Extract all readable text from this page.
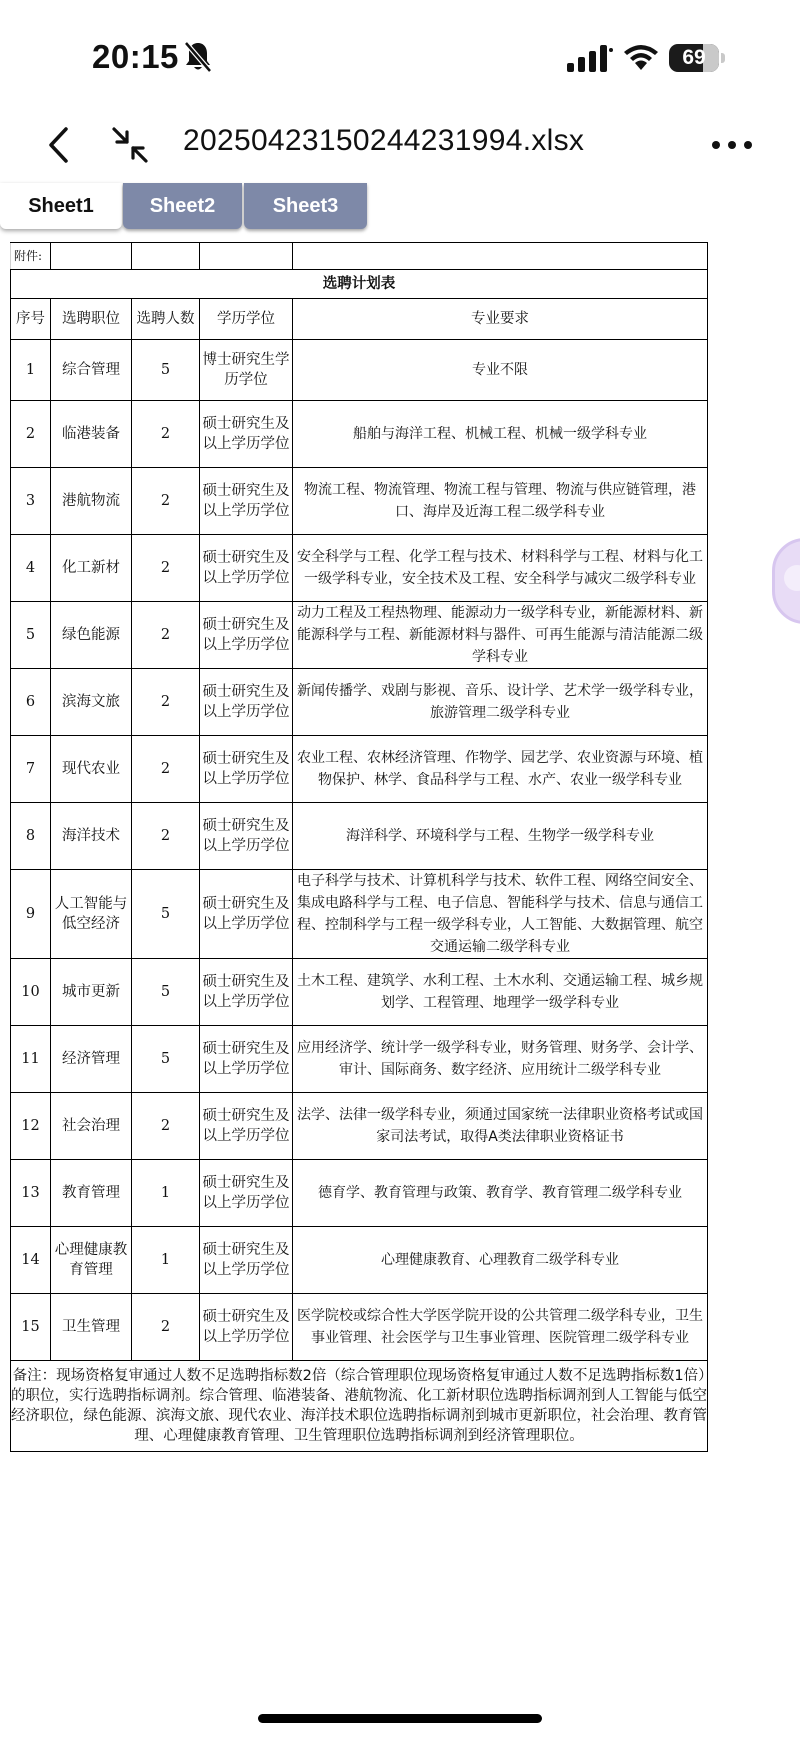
20:15	69
20250423150244231994.xlsx
Sheet1	Sheet2	Sheet3
附件:				
选聘计划表				
序号	选聘职位	选聘人数	学历学位	专业要求
1	综合管理	5	博士研究生学历学位	专业不限
2	临港装备	2	硕士研究生及以上学历学位	船舶与海洋工程、机械工程、机械一级学科专业
3	港航物流	2	硕士研究生及以上学历学位	物流工程、物流管理、物流工程与管理、物流与供应链管理，港口、海岸及近海工程二级学科专业
4	化工新材	2	硕士研究生及以上学历学位	安全科学与工程、化学工程与技术、材料科学与工程、材料与化工一级学科专业，安全技术及工程、安全科学与减灾二级学科专业
5	绿色能源	2	硕士研究生及以上学历学位	动力工程及工程热物理、能源动力一级学科专业，新能源材料、新能源科学与工程、新能源材料与器件、可再生能源与清洁能源二级学科专业
6	滨海文旅	2	硕士研究生及以上学历学位	新闻传播学、戏剧与影视、音乐、设计学、艺术学一级学科专业，旅游管理二级学科专业
7	现代农业	2	硕士研究生及以上学历学位	农业工程、农林经济管理、作物学、园艺学、农业资源与环境、植物保护、林学、食品科学与工程、水产、农业一级学科专业
8	海洋技术	2	硕士研究生及以上学历学位	海洋科学、环境科学与工程、生物学一级学科专业
9	人工智能与低空经济	5	硕士研究生及以上学历学位	电子科学与技术、计算机科学与技术、软件工程、网络空间安全、集成电路科学与工程、电子信息、智能科学与技术、信息与通信工程、控制科学与工程一级学科专业，人工智能、大数据管理、航空交通运输二级学科专业
10	城市更新	5	硕士研究生及以上学历学位	土木工程、建筑学、水利工程、土木水利、交通运输工程、城乡规划学、工程管理、地理学一级学科专业
11	经济管理	5	硕士研究生及以上学历学位	应用经济学、统计学一级学科专业，财务管理、财务学、会计学、审计、国际商务、数字经济、应用统计二级学科专业
12	社会治理	2	硕士研究生及以上学历学位	法学、法律一级学科专业，须通过国家统一法律职业资格考试或国家司法考试，取得A类法律职业资格证书
13	教育管理	1	硕士研究生及以上学历学位	德育学、教育管理与政策、教育学、教育管理二级学科专业
14	心理健康教育管理	1	硕士研究生及以上学历学位	心理健康教育、心理教育二级学科专业
15	卫生管理	2	硕士研究生及以上学历学位	医学院校或综合性大学医学院开设的公共管理二级学科专业，卫生事业管理、社会医学与卫生事业管理、医院管理二级学科专业
备注：现场资格复审通过人数不足选聘指标数2倍（综合管理职位现场资格复审通过人数不足选聘指标数1倍）的职位，实行选聘指标调剂。综合管理、临港装备、港航物流、化工新材职位选聘指标调剂到人工智能与低空经济职位，绿色能源、滨海文旅、现代农业、海洋技术职位选聘指标调剂到城市更新职位，社会治理、教育管理、心理健康教育管理、卫生管理职位选聘指标调剂到经济管理职位。				
